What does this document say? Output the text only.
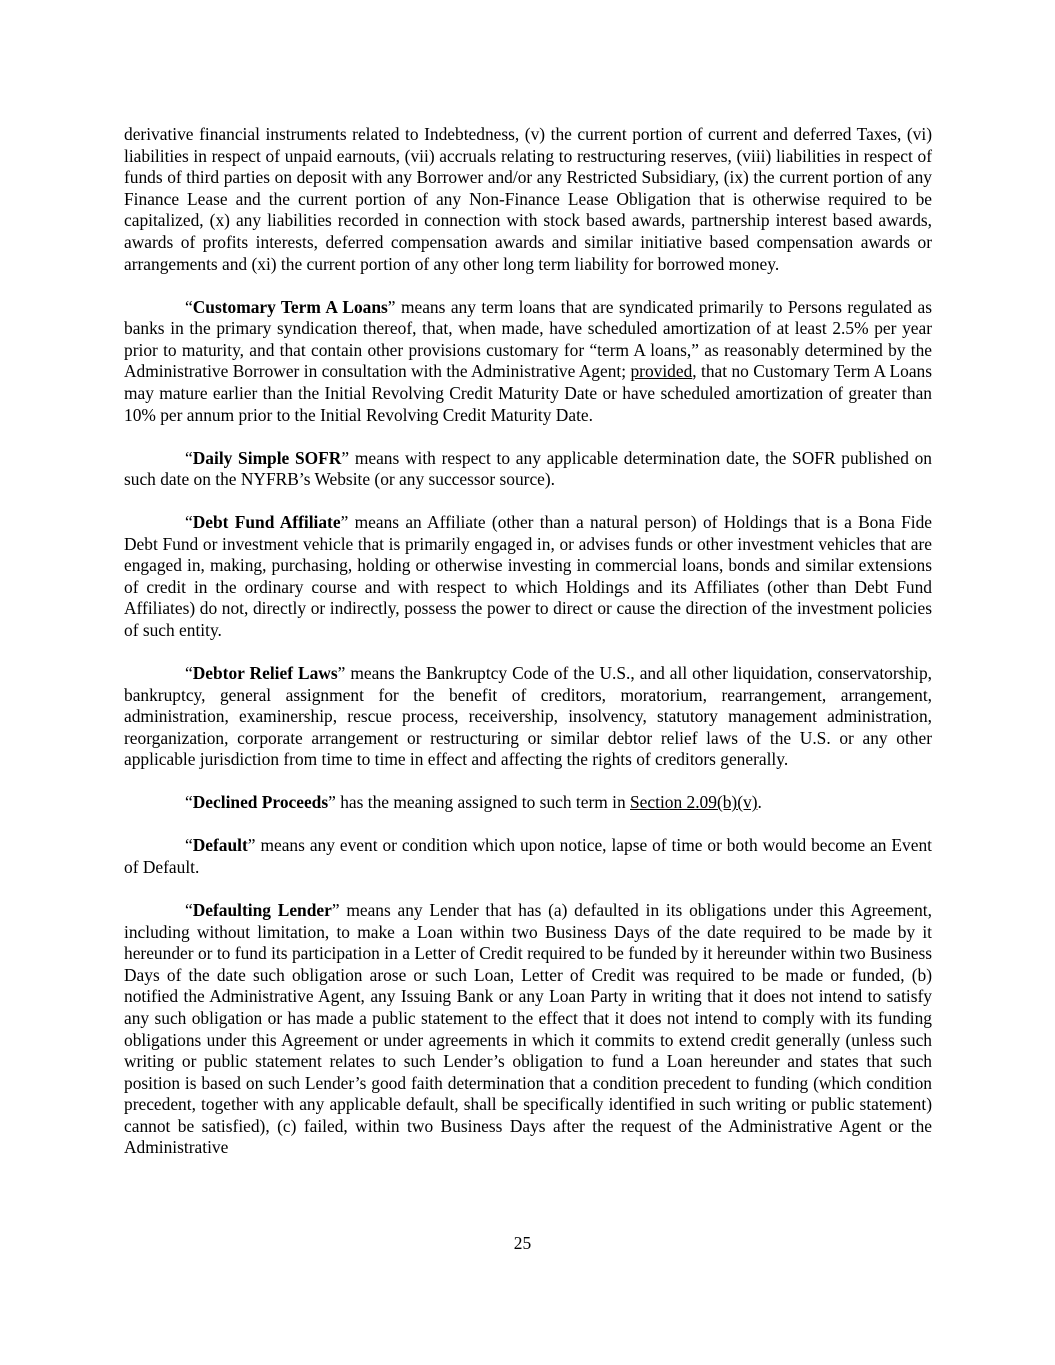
derivative financial instruments related to Indebtedness, (v) the current portion of current and deferred Taxes, (vi) liabilities in respect of unpaid earnouts, (vii) accruals relating to restructuring reserves, (viii) liabilities in respect of funds of third parties on deposit with any Borrower and/or any Restricted Subsidiary, (ix) the current portion of any Finance Lease and the current portion of any Non-Finance Lease Obligation that is otherwise required to be capitalized, (x) any liabilities recorded in connection with stock based awards, partnership interest based awards, awards of profits interests, deferred compensation awards and similar initiative based compensation awards or arrangements and (xi) the current portion of any other long term liability for borrowed money.

“Customary Term A Loans” means any term loans that are syndicated primarily to Persons regulated as banks in the primary syndication thereof, that, when made, have scheduled amortization of at least 2.5% per year prior to maturity, and that contain other provisions customary for “term A loans,” as reasonably determined by the Administrative Borrower in consultation with the Administrative Agent; provided, that no Customary Term A Loans may mature earlier than the Initial Revolving Credit Maturity Date or have scheduled amortization of greater than 10% per annum prior to the Initial Revolving Credit Maturity Date.

“Daily Simple SOFR” means with respect to any applicable determination date, the SOFR published on such date on the NYFRB’s Website (or any successor source).

“Debt Fund Affiliate” means an Affiliate (other than a natural person) of Holdings that is a Bona Fide Debt Fund or investment vehicle that is primarily engaged in, or advises funds or other investment vehicles that are engaged in, making, purchasing, holding or otherwise investing in commercial loans, bonds and similar extensions of credit in the ordinary course and with respect to which Holdings and its Affiliates (other than Debt Fund Affiliates) do not, directly or indirectly, possess the power to direct or cause the direction of the investment policies of such entity.

“Debtor Relief Laws” means the Bankruptcy Code of the U.S., and all other liquidation, conservatorship, bankruptcy, general assignment for the benefit of creditors, moratorium, rearrangement, arrangement, administration, examinership, rescue process, receivership, insolvency, statutory management administration, reorganization, corporate arrangement or restructuring or similar debtor relief laws of the U.S. or any other applicable jurisdiction from time to time in effect and affecting the rights of creditors generally.

“Declined Proceeds” has the meaning assigned to such term in Section 2.09(b)(v).

“Default” means any event or condition which upon notice, lapse of time or both would become an Event of Default.

“Defaulting Lender” means any Lender that has (a) defaulted in its obligations under this Agreement, including without limitation, to make a Loan within two Business Days of the date required to be made by it hereunder or to fund its participation in a Letter of Credit required to be funded by it hereunder within two Business Days of the date such obligation arose or such Loan, Letter of Credit was required to be made or funded, (b) notified the Administrative Agent, any Issuing Bank or any Loan Party in writing that it does not intend to satisfy any such obligation or has made a public statement to the effect that it does not intend to comply with its funding obligations under this Agreement or under agreements in which it commits to extend credit generally (unless such writing or public statement relates to such Lender’s obligation to fund a Loan hereunder and states that such position is based on such Lender’s good faith determination that a condition precedent to funding (which condition precedent, together with any applicable default, shall be specifically identified in such writing or public statement) cannot be satisfied), (c) failed, within two Business Days after the request of the Administrative Agent or the Administrative

25
